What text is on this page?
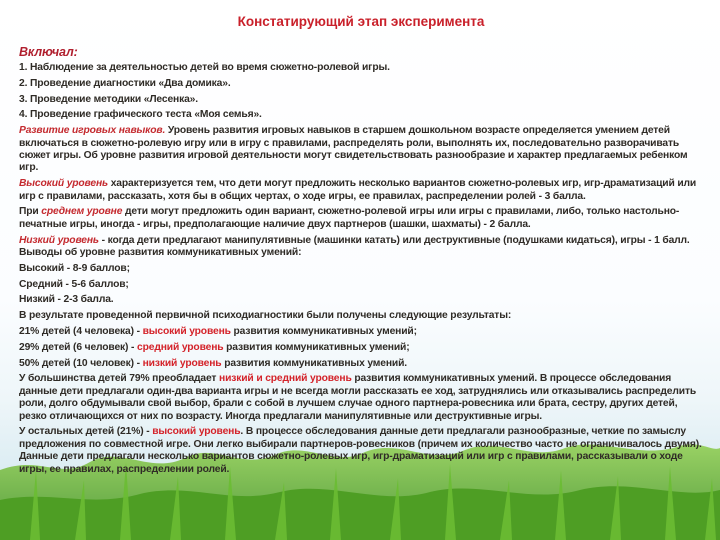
Констатирующий этап эксперимента
Включал:

1. Наблюдение за деятельностью детей во время сюжетно-ролевой игры.

2. Проведение диагностики «Два домика».

3. Проведение методики «Лесенка».

4. Проведение графического теста «Моя семья».

Развитие игровых навыков. Уровень развития игровых навыков в старшем дошкольном возрасте определяется умением детей включаться в сюжетно-ролевую игру или в игру с правилами, распределять роли, выполнять их, последовательно разворачивать сюжет игры. Об уровне развития игровой деятельности могут свидетельствовать разнообразие и характер предлагаемых ребенком игр.

Высокий уровень характеризуется тем, что дети могут предложить несколько вариантов сюжетно-ролевых игр, игр-драматизаций или игр с правилами, рассказать, хотя бы в общих чертах, о ходе игры, ее правилах, распределении ролей - 3 балла.

При среднем уровне дети могут предложить один вариант, сюжетно-ролевой игры или игры с правилами, либо, только настольно-печатные игры, иногда - игры, предполагающие наличие двух партнеров (шашки, шахматы) - 2 балла.

Низкий уровень - когда дети предлагают манипулятивные (машинки катать) или деструктивные (подушками кидаться), игры - 1 балл. Выводы об уровне развития коммуникативных умений:

Высокий - 8-9 баллов;

Средний - 5-6 баллов;

Низкий - 2-3 балла.

В результате проведенной первичной психодиагностики были получены следующие результаты:

21% детей (4 человека) - высокий уровень развития коммуникативных умений;

29% детей (6 человек) - средний уровень развития коммуникативных умений;

50% детей (10 человек) - низкий уровень развития коммуникативных умений.

У большинства детей 79% преобладает низкий и средний уровень развития коммуникативных умений. В процессе обследования данные дети предлагали один-два варианта игры и не всегда могли рассказать ее ход, затруднялись или отказывались распределить роли, долго обдумывали свой выбор, брали с собой в лучшем случае одного партнера-ровесника или брата, сестру, других детей, резко отличающихся от них по возрасту. Иногда предлагали манипулятивные или деструктивные игры.

У остальных детей (21%) - высокий уровень. В процессе обследования данные дети предлагали разнообразные, четкие по замыслу предложения по совместной игре. Они легко выбирали партнеров-ровесников (причем их количество часто не ограничивалось двумя). Данные дети предлагали несколько вариантов сюжетно-ролевых игр, игр-драматизаций или игр с правилами, рассказывали о ходе игры, ее правилах, распределении ролей.
